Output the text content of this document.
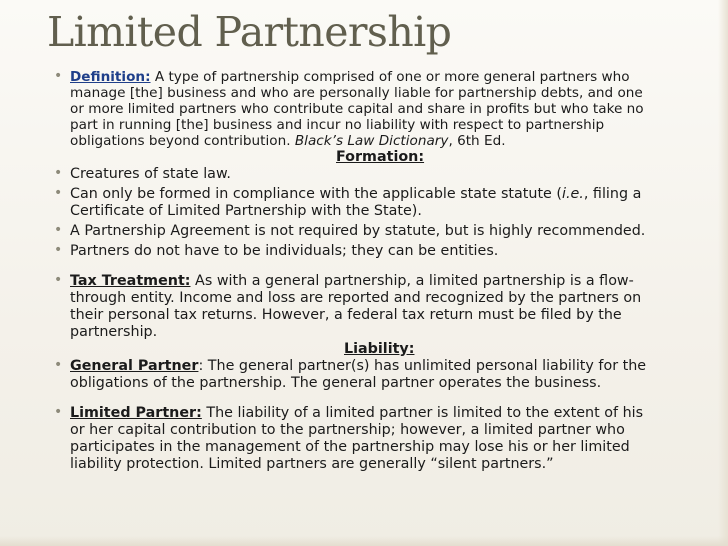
Limited Partnership
• Definition: A type of partnership comprised of one or more general partners who manage [the] business and who are personally liable for partnership debts, and one or more limited partners who contribute capital and share in profits but who take no part in running [the] business and incur no liability with respect to partnership obligations beyond contribution. Black’s Law Dictionary, 6th Ed.
Formation:
• Creatures of state law.
• Can only be formed in compliance with the applicable state statute (i.e., filing a Certificate of Limited Partnership with the State).
• A Partnership Agreement is not required by statute, but is highly recommended.
• Partners do not have to be individuals; they can be entities.
• Tax Treatment: As with a general partnership, a limited partnership is a flow-through entity. Income and loss are reported and recognized by the partners on their personal tax returns. However, a federal tax return must be filed by the partnership.
Liability:
• General Partner: The general partner(s) has unlimited personal liability for the obligations of the partnership. The general partner operates the business.
• Limited Partner: The liability of a limited partner is limited to the extent of his or her capital contribution to the partnership; however, a limited partner who participates in the management of the partnership may lose his or her limited liability protection. Limited partners are generally “silent partners.”
